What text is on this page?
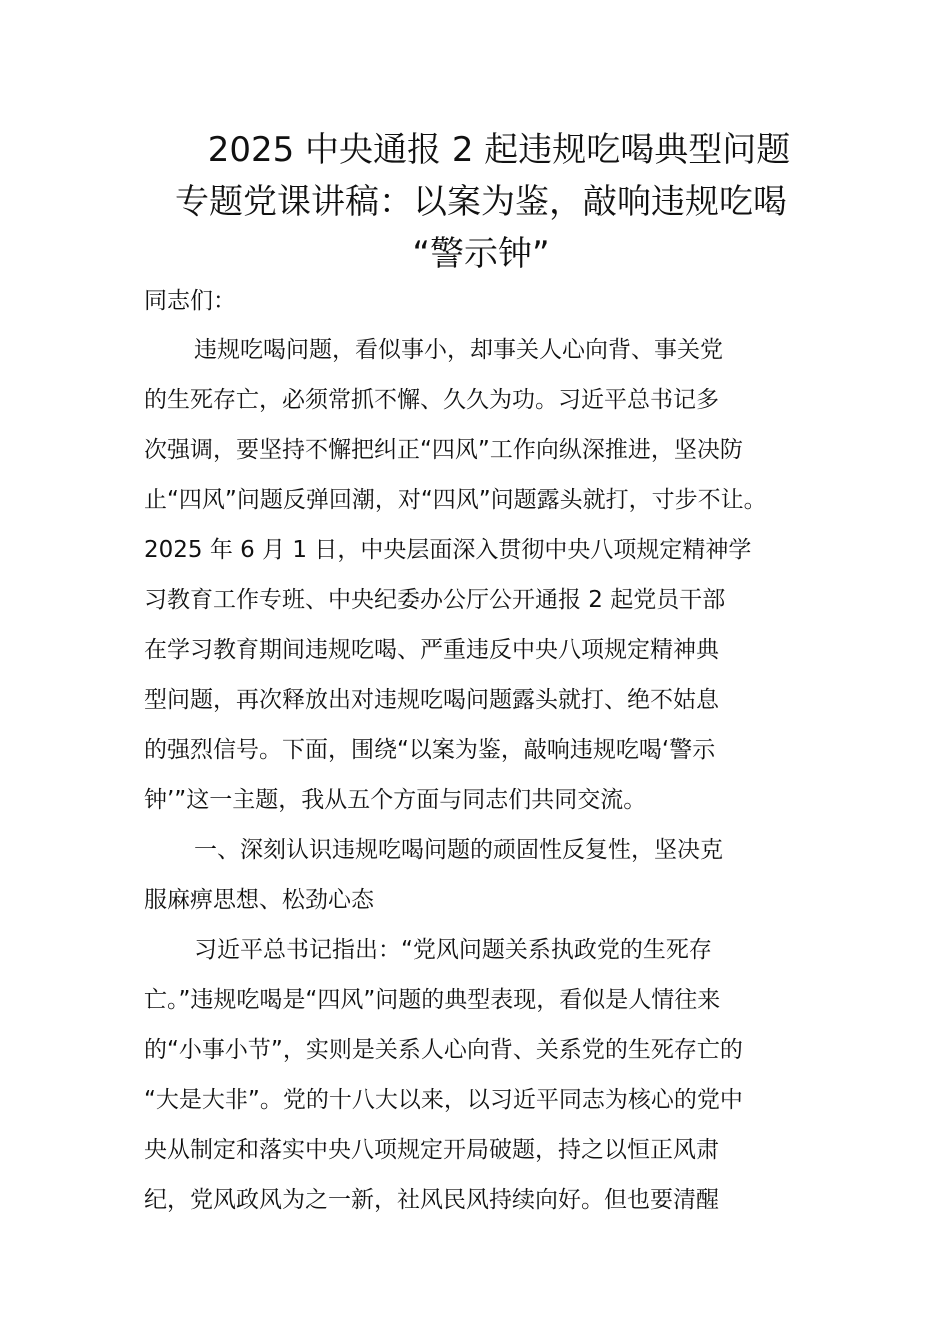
2025 中央通报 2 起违规吃喝典型问题
专题党课讲稿：以案为鉴，敲响违规吃喝
“警示钟”
同志们：
违规吃喝问题，看似事小，却事关人心向背、事关党
的生死存亡，必须常抓不懈、久久为功。习近平总书记多
次强调，要坚持不懈把纠正“四风”工作向纵深推进，坚决防
止“四风”问题反弹回潮，对“四风”问题露头就打，寸步不让。
2025 年 6 月 1 日，中央层面深入贯彻中央八项规定精神学
习教育工作专班、中央纪委办公厅公开通报 2 起党员干部
在学习教育期间违规吃喝、严重违反中央八项规定精神典
型问题，再次释放出对违规吃喝问题露头就打、绝不姑息
的强烈信号。下面，围绕“以案为鉴，敲响违规吃喝‘警示
钟’”这一主题，我从五个方面与同志们共同交流。
一、深刻认识违规吃喝问题的顽固性反复性，坚决克
服麻痹思想、松劲心态
习近平总书记指出：“党风问题关系执政党的生死存
亡。”违规吃喝是“四风”问题的典型表现，看似是人情往来
的“小事小节”，实则是关系人心向背、关系党的生死存亡的
“大是大非”。党的十八大以来，以习近平同志为核心的党中
央从制定和落实中央八项规定开局破题，持之以恒正风肃
纪，党风政风为之一新，社风民风持续向好。但也要清醒
